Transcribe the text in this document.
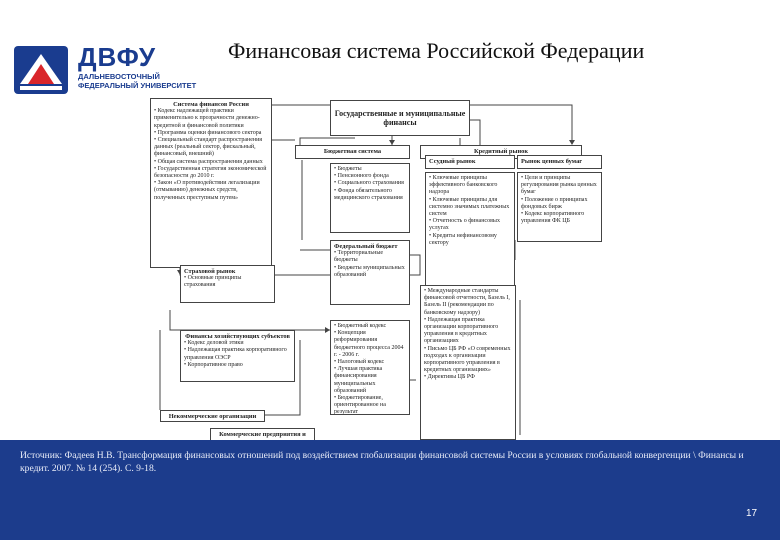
ДВФУ
ДАЛЬНЕВОСТОЧНЫЙ ФЕДЕРАЛЬНЫЙ УНИВЕРСИТЕТ
Финансовая система Российской Федерации
Система финансов России
• Кодекс надлежащей практики применительно к прозрачности денежно-кредитной и финансовой политики
• Программа оценки финансового сектора
• Специальный стандарт распространения данных (реальный сектор, фискальный, финансовый, внешний)
• Общая система распространения данных
• Государственная стратегия экономической безопасности до 2010 г.
• Закон «О противодействии легализации (отмыванию) денежных средств, полученных преступным путем»
Государственные и муниципальные финансы
Бюджетная система	Кредитный рынок
• Бюджеты
• Пенсионного фонда
• Социального страхования
• Фонда обязательного медицинского страхования
Федеральный бюджет
• Территориальные бюджеты
• Бюджеты муниципальных образований
Ссудный рынок	Рынок ценных бумаг
• Ключевые принципы эффективного банковского надзора
• Ключевые принципы для системно значимых платежных систем
• Отчетность о финансовых услугах
• Кредиты нефинансовому сектору
• Цели и принципы регулирования рынка ценных бумаг
• Положение о принципах фондовых бирж
• Кодекс корпоративного управления ФК ЦБ
Страховой рынок
• Основные принципы страхования
• Бюджетный кодекс
• Концепция реформирования бюджетного процесса 2004 г. - 2006 г.
• Налоговый кодекс
• Лучшая практика финансирования муниципальных образований
• Бюджетирование, ориентированное на результат
• Международные стандарты финансовой отчетности, Базель I, Базель II (рекомендации по банковскому надзору)
• Надлежащая практика организации корпоративного управления в кредитных организациях
• Письмо ЦБ РФ «О современных подходах к организации корпоративного управления в кредитных организациях»
• Директивы ЦБ РФ
Финансы хозяйствующих субъектов
• Кодекс деловой этики
• Надлежащая практика корпоративного управления ОЭСР
• Корпоративное право
Некоммерческие организации
Коммерческие предприятия и
Источник: Фадеев Н.В. Трансформация финансовых отношений под воздействием глобализации финансовой системы России в условиях глобальной конвергенции \ Финансы и кредит. 2007. № 14 (254). С. 9-18.
17
